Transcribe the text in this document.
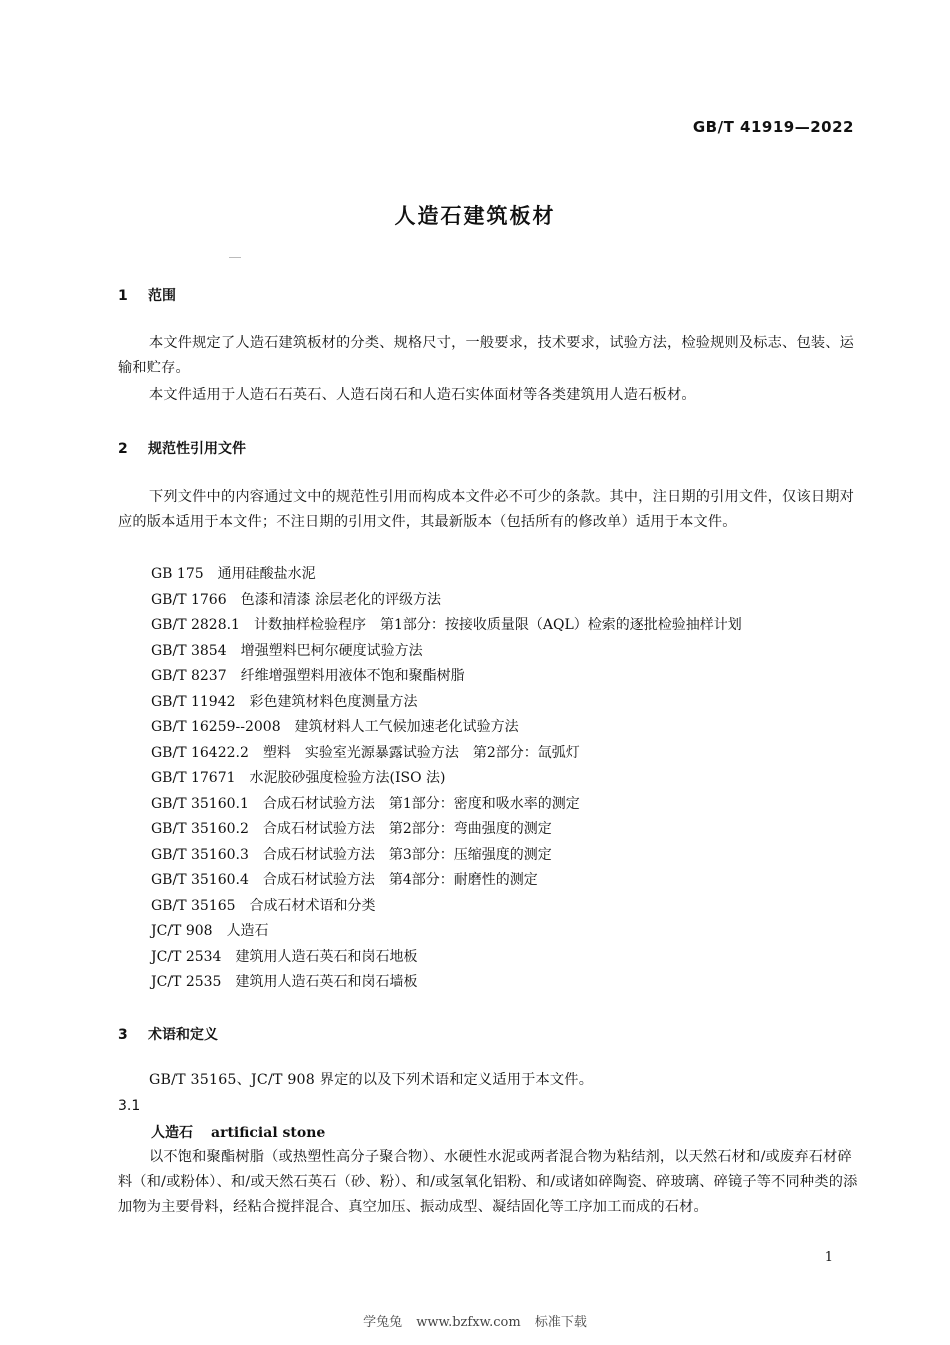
GB/T 41919—2022
人造石建筑板材
1 范围
本文件规定了人造石建筑板材的分类、规格尺寸，一般要求，技术要求，试验方法，检验规则及标志、包装、运输和贮存。
本文件适用于人造石石英石、人造石岗石和人造石实体面材等各类建筑用人造石板材。
2 规范性引用文件
下列文件中的内容通过文中的规范性引用而构成本文件必不可少的条款。其中，注日期的引用文件，仅该日期对应的版本适用于本文件；不注日期的引用文件，其最新版本（包括所有的修改单）适用于本文件。
GB 175 通用硅酸盐水泥
GB/T 1766 色漆和清漆 涂层老化的评级方法
GB/T 2828.1 计数抽样检验程序　第1部分：按接收质量限（AQL）检索的逐批检验抽样计划
GB/T 3854 增强塑料巴柯尔硬度试验方法
GB/T 8237 纤维增强塑料用液体不饱和聚酯树脂
GB/T 11942 彩色建筑材料色度测量方法
GB/T 16259--2008 建筑材料人工气候加速老化试验方法
GB/T 16422.2 塑料　实验室光源暴露试验方法　第2部分：氙弧灯
GB/T 17671 水泥胶砂强度检验方法(ISO 法)
GB/T 35160.1 合成石材试验方法　第1部分：密度和吸水率的测定
GB/T 35160.2 合成石材试验方法　第2部分：弯曲强度的测定
GB/T 35160.3 合成石材试验方法　第3部分：压缩强度的测定
GB/T 35160.4 合成石材试验方法　第4部分：耐磨性的测定
GB/T 35165 合成石材术语和分类
JC/T 908 人造石
JC/T 2534 建筑用人造石英石和岗石地板
JC/T 2535 建筑用人造石英石和岗石墙板
3 术语和定义
GB/T 35165、JC/T 908 界定的以及下列术语和定义适用于本文件。
3.1
人造石 artificial stone
以不饱和聚酯树脂（或热塑性高分子聚合物）、水硬性水泥或两者混合物为粘结剂，以天然石材和/或废弃石材碎料（和/或粉体）、和/或天然石英石（砂、粉）、和/或氢氧化铝粉、和/或诸如碎陶瓷、碎玻璃、碎镜子等不同种类的添加物为主要骨料，经粘合搅拌混合、真空加压、振动成型、凝结固化等工序加工而成的石材。
1
学兔兔 www.bzfxw.com 标准下载
